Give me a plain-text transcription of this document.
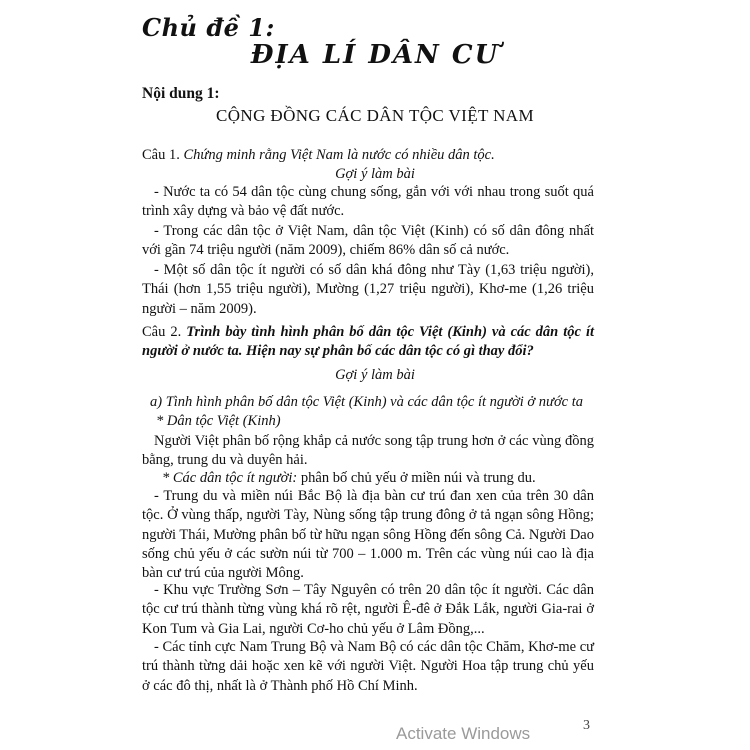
Chủ đề 1:
ĐỊA LÍ DÂN CƯ
Nội dung 1:
CỘNG ĐỒNG CÁC DÂN TỘC VIỆT NAM
Câu 1. Chứng minh rằng Việt Nam là nước có nhiều dân tộc.
Gợi ý làm bài
- Nước ta có 54 dân tộc cùng chung sống, gắn với với nhau trong suốt quá trình xây dựng và bảo vệ đất nước.
- Trong các dân tộc ở Việt Nam, dân tộc Việt (Kinh) có số dân đông nhất với gần 74 triệu người (năm 2009), chiếm 86% dân số cả nước.
- Một số dân tộc ít người có số dân khá đông như Tày (1,63 triệu người), Thái (hơn 1,55 triệu người), Mường (1,27 triệu người), Khơ-me (1,26 triệu người – năm 2009).
Câu 2. Trình bày tình hình phân bố dân tộc Việt (Kinh) và các dân tộc ít người ở nước ta. Hiện nay sự phân bố các dân tộc có gì thay đổi?
Gợi ý làm bài
a) Tình hình phân bố dân tộc Việt (Kinh) và các dân tộc ít người ở nước ta
* Dân tộc Việt (Kinh)
Người Việt phân bố rộng khắp cả nước song tập trung hơn ở các vùng đồng bằng, trung du và duyên hải.
* Các dân tộc ít người: phân bố chủ yếu ở miền núi và trung du.
- Trung du và miền núi Bắc Bộ là địa bàn cư trú đan xen của trên 30 dân tộc. Ở vùng thấp, người Tày, Nùng sống tập trung đông ở tả ngạn sông Hồng; người Thái, Mường phân bố từ hữu ngạn sông Hồng đến sông Cả. Người Dao sống chủ yếu ở các sườn núi từ 700 – 1.000 m. Trên các vùng núi cao là địa bàn cư trú của người Mông.
- Khu vực Trường Sơn – Tây Nguyên có trên 20 dân tộc ít người. Các dân tộc cư trú thành từng vùng khá rõ rệt, người Ê-đê ở Đắk Lắk, người Gia-rai ở Kon Tum và Gia Lai, người Cơ-ho chủ yếu ở Lâm Đồng,...
- Các tỉnh cực Nam Trung Bộ và Nam Bộ có các dân tộc Chăm, Khơ-me cư trú thành từng dải hoặc xen kẽ với người Việt. Người Hoa tập trung chủ yếu ở các đô thị, nhất là ở Thành phố Hồ Chí Minh.
Activate Windows	3
